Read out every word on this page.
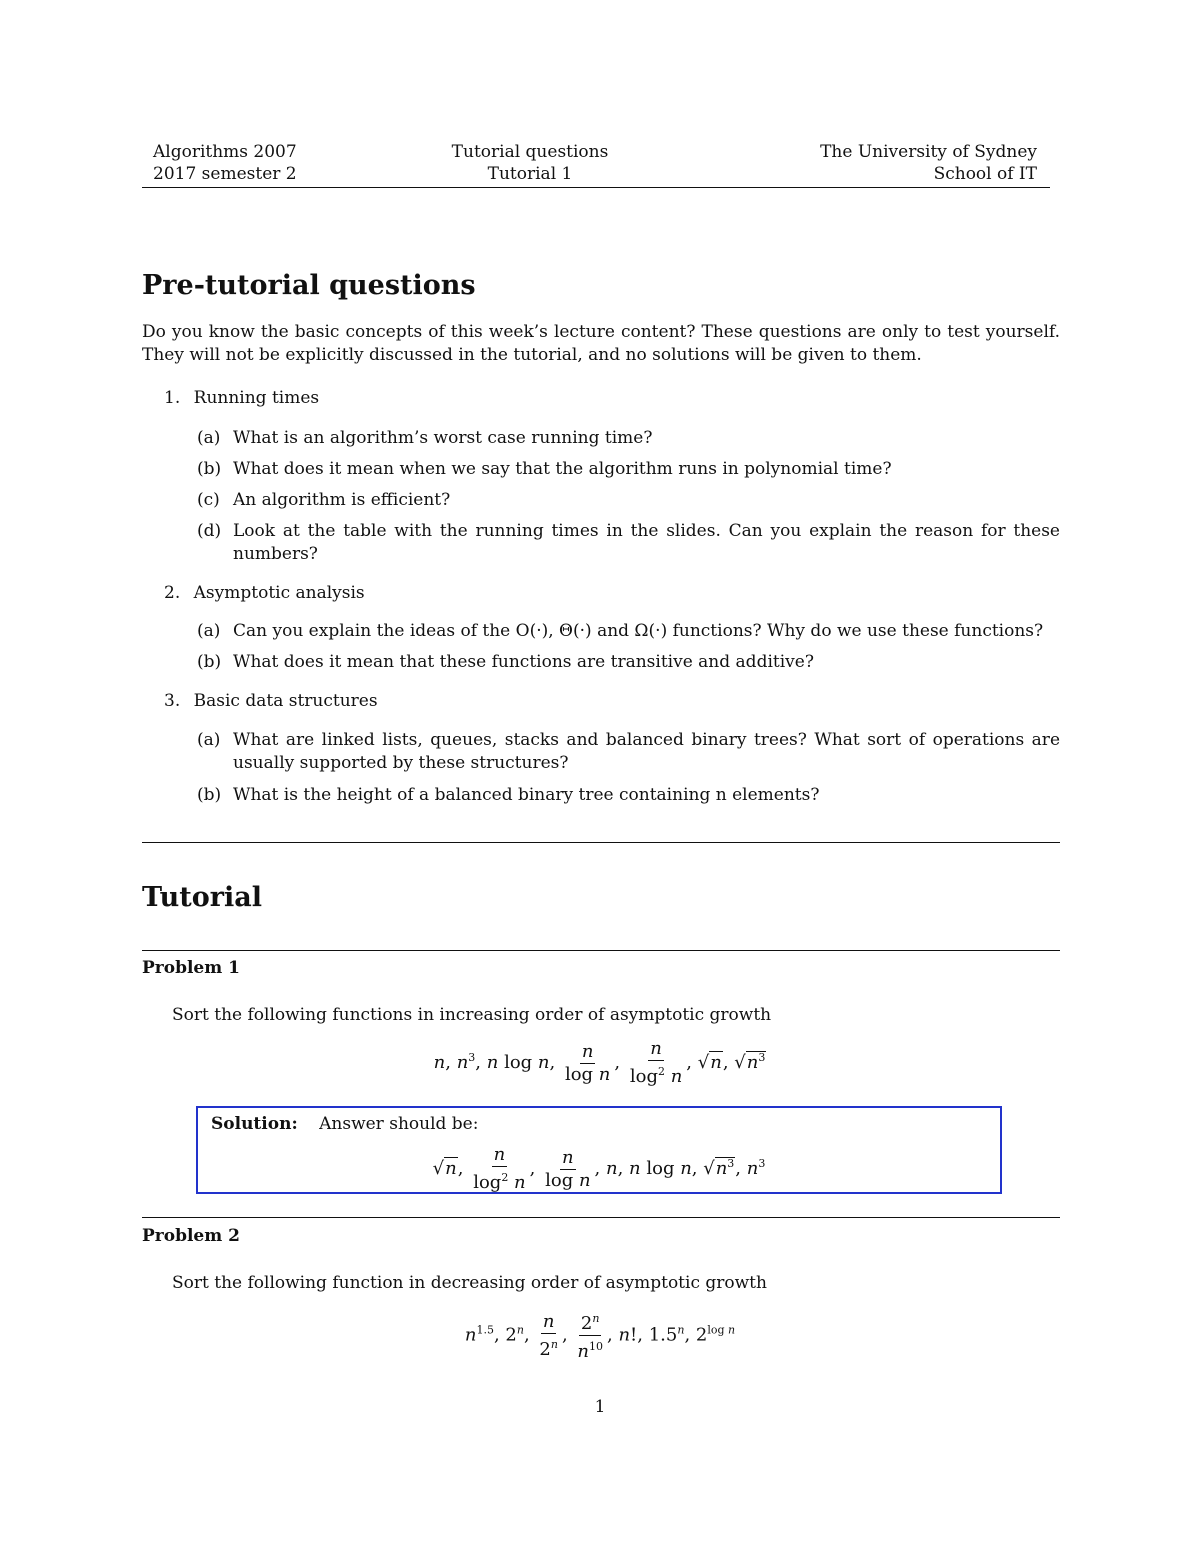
Algorithms 2007
2017 semester 2
Tutorial questions
Tutorial 1
The University of Sydney
School of IT
Pre-tutorial questions
Do you know the basic concepts of this week’s lecture content? These questions are only to test yourself.
They will not be explicitly discussed in the tutorial, and no solutions will be given to them.
1. Running times
(a) What is an algorithm’s worst case running time?
(b) What does it mean when we say that the algorithm runs in polynomial time?
(c) An algorithm is efficient?
(d) Look at the table with the running times in the slides. Can you explain the reason for these
numbers?
2. Asymptotic analysis
(a) Can you explain the ideas of the O(·), Θ(·) and Ω(·) functions? Why do we use these functions?
(b) What does it mean that these functions are transitive and additive?
3. Basic data structures
(a) What are linked lists, queues, stacks and balanced binary trees? What sort of operations are
usually supported by these structures?
(b) What is the height of a balanced binary tree containing n elements?
Tutorial
Problem 1
Sort the following functions in increasing order of asymptotic growth
n, $n^3$, n log n, $\frac{n}{\text{log n}}$ , $\frac{n}{\log^2 n}$ , √n, $√n^3$
Solution: Answer should be:
√n, $\frac{n}{\log^2 n}$ , $\frac{n}{\text{log n}}$ , n, n log n, $√n^3$, $n^3$
Problem 2
Sort the following function in decreasing order of asymptotic growth
$n^{1.5}$, 2$^n$, $\frac{n}{2^n}$ , $\frac{2^n}{n^{10}}$ , n!, 1.5$^n$, $2^{log n}$
1
